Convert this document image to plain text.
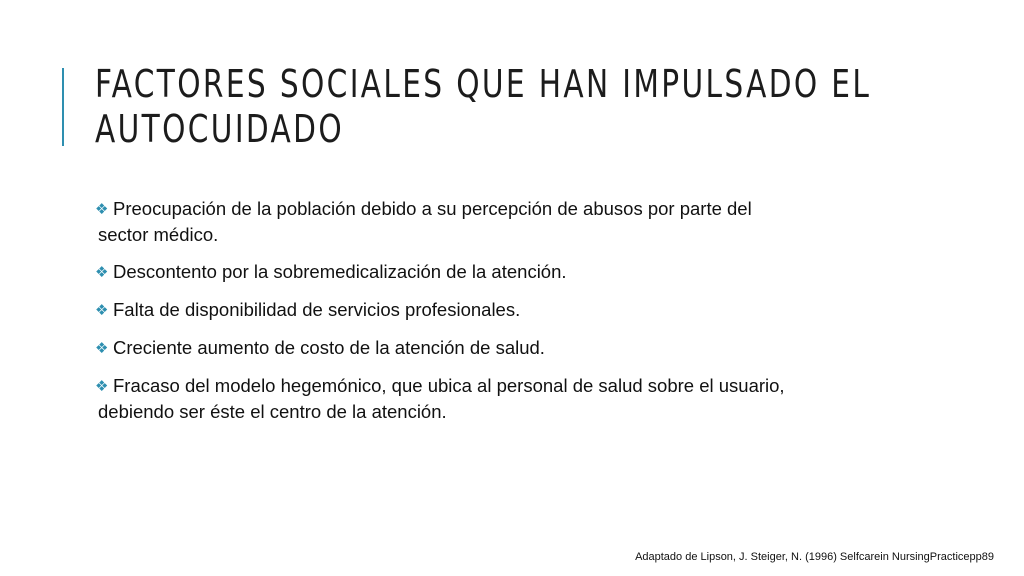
FACTORES SOCIALES QUE HAN IMPULSADO EL
AUTOCUIDADO
❖ Preocupación de la población debido a su percepción de abusos por parte del
sector médico.
❖ Descontento por la sobremedicalización de la atención.
❖ Falta de disponibilidad de servicios profesionales.
❖ Creciente aumento de costo de la atención de salud.
❖ Fracaso del modelo hegemónico, que ubica al personal de salud sobre el usuario,
debiendo ser éste el centro de la atención.
Adaptado de Lipson, J. Steiger, N. (1996) Selfcarein NursingPracticepp89
